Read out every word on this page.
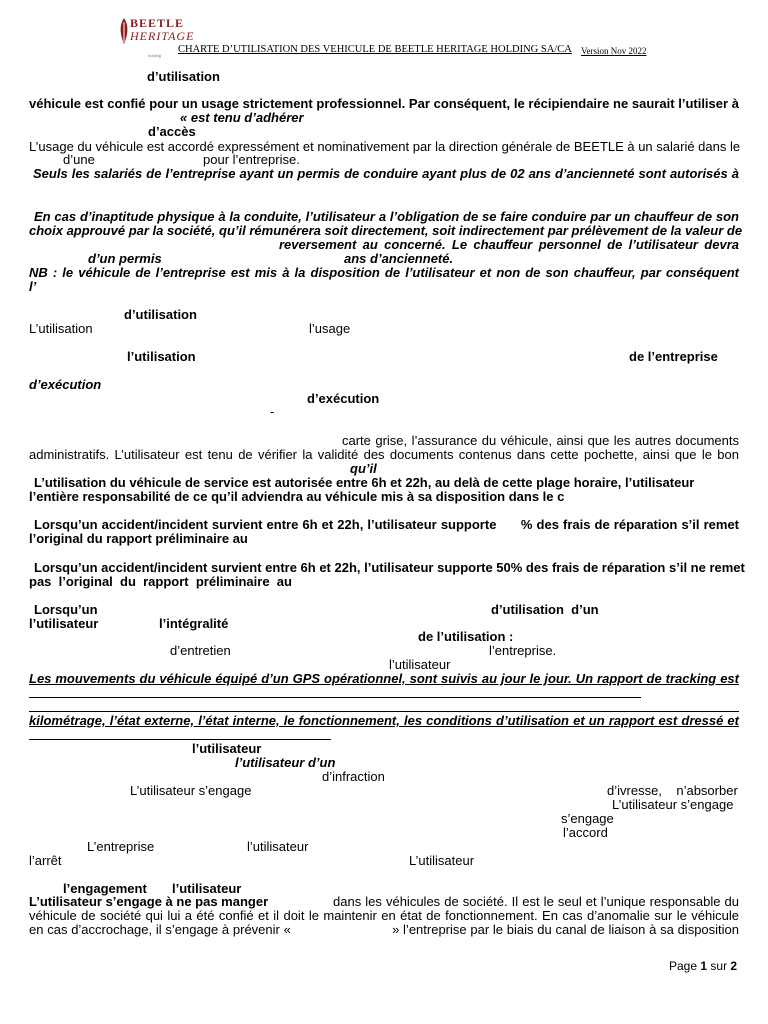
BEETLE
HERITAGE
holding
CHARTE D’UTILISATION DES VEHICULE DE BEETLE HERITAGE HOLDING SA/CA Version Nov 2022
d’utilisation
véhicule est confié pour un usage strictement professionnel. Par conséquent, le récipiendaire ne saurait l’utiliser à
« est tenu d’adhérer
d’accès
L’usage du véhicule est accordé expressément et nominativement par la direction générale de BEETLE à un salarié dans le
d’une	pour l’entreprise.
Seuls les salariés de l’entreprise ayant un permis de conduire ayant plus de 02 ans d’ancienneté sont autorisés à
En cas d’inaptitude physique à la conduite, l’utilisateur a l’obligation de se faire conduire par un chauffeur de son
choix approuvé par la société, qu’il rémunérera soit directement, soit indirectement par prélèvement de la valeur de
reversement au concerné. Le chauffeur personnel de l’utilisateur devra
d’un permis	ans d’ancienneté.
NB : le véhicule de l’entreprise est mis à la disposition de l’utilisateur et non de son chauffeur, par conséquent
l’
d’utilisation
L’utilisation	l’usage
l’utilisation	de l’entreprise
d’exécution
d’exécution
-
carte grise, l’assurance du véhicule, ainsi que les autres documents
administratifs. L’utilisateur est tenu de vérifier la validité des documents contenus dans cette pochette, ainsi que le bon
qu’il
L’utilisation du véhicule de service est autorisée entre 6h et 22h, au delà de cette plage horaire, l’utilisateur
l’entière responsabilité de ce qu’il adviendra au véhicule mis à sa disposition dans le c
Lorsqu’un accident/incident survient entre 6h et 22h, l’utilisateur supporte      % des frais de réparation s’il remet
l’original du rapport préliminaire au
Lorsqu’un accident/incident survient entre 6h et 22h, l’utilisateur supporte 50% des frais de réparation s’il ne remet
pas  l’original  du  rapport  préliminaire  au
Lorsqu’un	d’utilisation  d’un
l’utilisateur	l’intégralité
de l’utilisation :
d’entretien	l’entreprise.
l’utilisateur
Les mouvements du véhicule équipé d’un GPS opérationnel, sont suivis au jour le jour. Un rapport de tracking est
kilométrage, l’état externe, l’état interne, le fonctionnement, les conditions d’utilisation et un rapport est dressé et
l’utilisateur
l’utilisateur d’un
d’infraction
L’utilisateur s’engage	d’ivresse,    n’absorber
L’utilisateur s’engage
s’engage
l’accord
L’entreprise	l’utilisateur
l’arrêt	L’utilisateur
l’engagement l’utilisateur
L’utilisateur s’engage à ne pas manger	dans les véhicules de société. Il est le seul et l’unique responsable du
véhicule de société qui lui a été confié et il doit le maintenir en état de fonctionnement. En cas d’anomalie sur le véhicule
en cas d’accrochage, il s’engage à prévenir «                           » l’entreprise par le biais du canal de liaison à sa disposition
Page 1 sur 2
